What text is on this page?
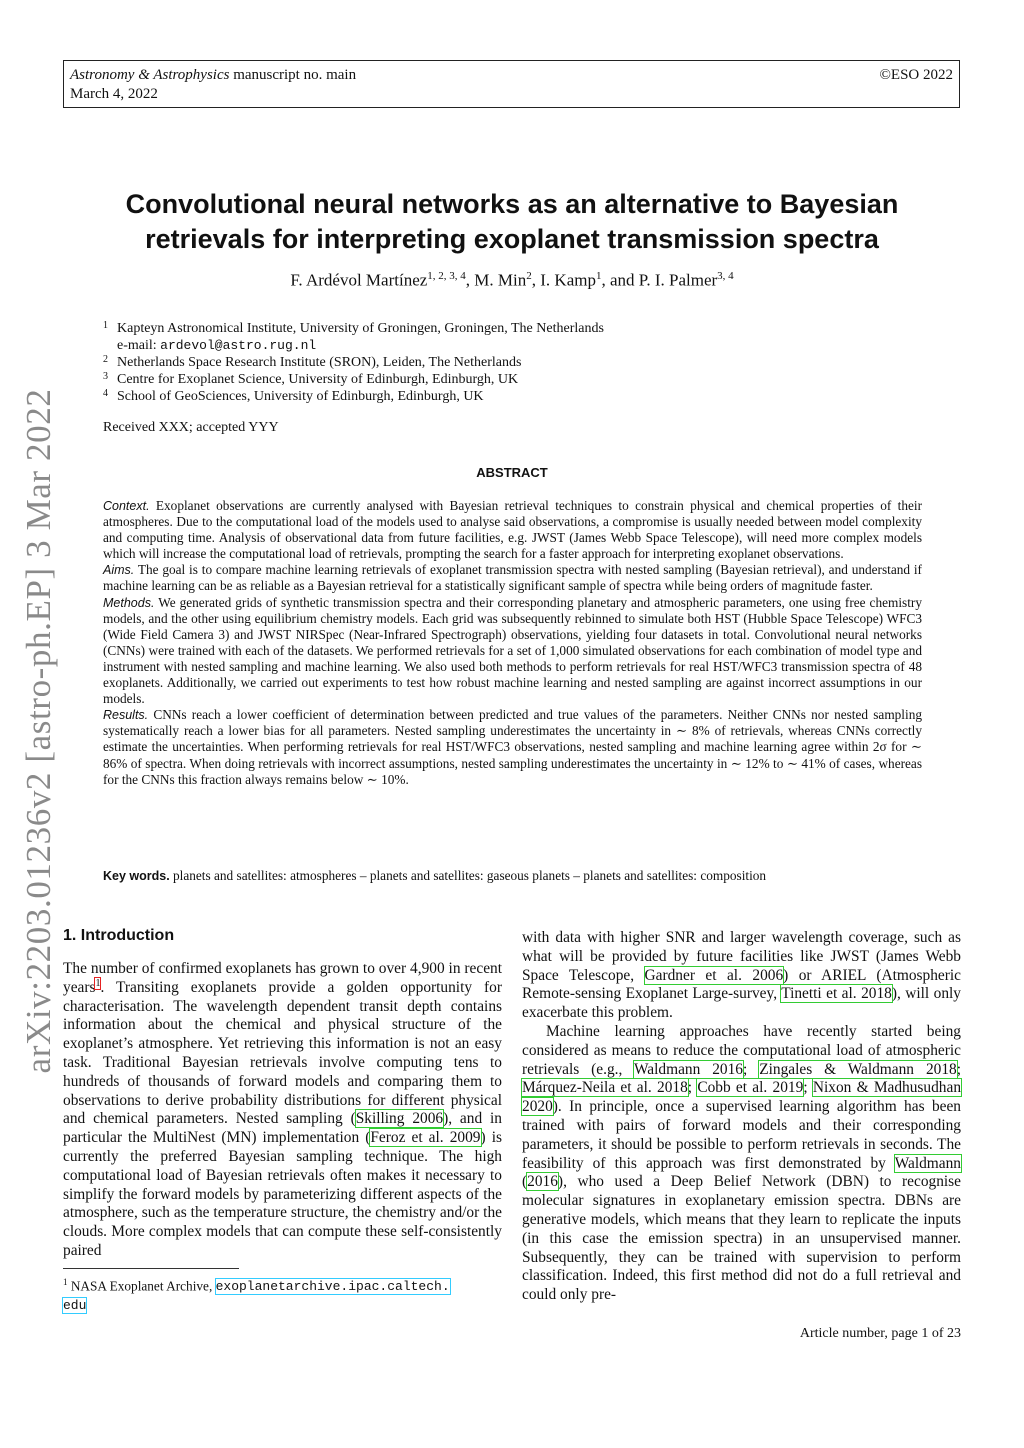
Astronomy & Astrophysics manuscript no. main
March 4, 2022
©ESO 2022
arXiv:2203.01236v2 [astro-ph.EP] 3 Mar 2022
Convolutional neural networks as an alternative to Bayesian retrievals for interpreting exoplanet transmission spectra
F. Ardévol Martínez$^{1, 2, 3, 4}$, M. Min$^2$, I. Kamp$^1$, and P. I. Palmer$^{3, 4}$
1 Kapteyn Astronomical Institute, University of Groningen, Groningen, The Netherlands
e-mail: ardevol@astro.rug.nl
2 Netherlands Space Research Institute (SRON), Leiden, The Netherlands
3 Centre for Exoplanet Science, University of Edinburgh, Edinburgh, UK
4 School of GeoSciences, University of Edinburgh, Edinburgh, UK
Received XXX; accepted YYY
ABSTRACT

Context. Exoplanet observations are currently analysed with Bayesian retrieval techniques to constrain physical and chemical properties of their atmospheres. Due to the computational load of the models used to analyse said observations, a compromise is usually needed between model complexity and computing time. Analysis of observational data from future facilities, e.g. JWST (James Webb Space Telescope), will need more complex models which will increase the computational load of retrievals, prompting the search for a faster approach for interpreting exoplanet observations.

Aims. The goal is to compare machine learning retrievals of exoplanet transmission spectra with nested sampling (Bayesian retrieval), and understand if machine learning can be as reliable as a Bayesian retrieval for a statistically significant sample of spectra while being orders of magnitude faster.

Methods. We generated grids of synthetic transmission spectra and their corresponding planetary and atmospheric parameters, one using free chemistry models, and the other using equilibrium chemistry models. Each grid was subsequently rebinned to simulate both HST (Hubble Space Telescope) WFC3 (Wide Field Camera 3) and JWST NIRSpec (Near-Infrared Spectrograph) observations, yielding four datasets in total. Convolutional neural networks (CNNs) were trained with each of the datasets. We performed retrievals for a set of 1,000 simulated observations for each combination of model type and instrument with nested sampling and machine learning. We also used both methods to perform retrievals for real HST/WFC3 transmission spectra of 48 exoplanets. Additionally, we carried out experiments to test how robust machine learning and nested sampling are against incorrect assumptions in our models.

Results. CNNs reach a lower coefficient of determination between predicted and true values of the parameters. Neither CNNs nor nested sampling systematically reach a lower bias for all parameters. Nested sampling underestimates the uncertainty in ∼ 8% of retrievals, whereas CNNs correctly estimate the uncertainties. When performing retrievals for real HST/WFC3 observations, nested sampling and machine learning agree within 2σ for ∼ 86% of spectra. When doing retrievals with incorrect assumptions, nested sampling underestimates the uncertainty in ∼ 12% to ∼ 41% of cases, whereas for the CNNs this fraction always remains below ∼ 10%.

Key words. planets and satellites: atmospheres – planets and satellites: gaseous planets – planets and satellites: composition
1. Introduction

The number of confirmed exoplanets has grown to over 4,900 in recent years$^1$. Transiting exoplanets provide a golden opportunity for characterisation. The wavelength dependent transit depth contains information about the chemical and physical structure of the exoplanet’s atmosphere. Yet retrieving this information is not an easy task. Traditional Bayesian retrievals involve computing tens to hundreds of thousands of forward models and comparing them to observations to derive probability distributions for different physical and chemical parameters. Nested sampling (Skilling 2006), and in particular the MultiNest (MN) implementation (Feroz et al. 2009) is currently the preferred Bayesian sampling technique. The high computational load of Bayesian retrievals often makes it necessary to simplify the forward models by parameterizing different aspects of the atmosphere, such as the temperature structure, the chemistry and/or the clouds. More complex models that can compute these self-consistently paired

with data with higher SNR and larger wavelength coverage, such as what will be provided by future facilities like JWST (James Webb Space Telescope, Gardner et al. 2006) or ARIEL (Atmospheric Remote-sensing Exoplanet Large-survey, Tinetti et al. 2018), will only exacerbate this problem.

Machine learning approaches have recently started being considered as means to reduce the computational load of atmospheric retrievals (e.g., Waldmann 2016; Zingales & Waldmann 2018; Márquez-Neila et al. 2018; Cobb et al. 2019; Nixon & Madhusudhan 2020). In principle, once a supervised learning algorithm has been trained with pairs of forward models and their corresponding parameters, it should be possible to perform retrievals in seconds. The feasibility of this approach was first demonstrated by Waldmann (2016), who used a Deep Belief Network (DBN) to recognise molecular signatures in exoplanetary emission spectra. DBNs are generative models, which means that they learn to replicate the inputs (in this case the emission spectra) in an unsupervised manner. Subsequently, they can be trained with supervision to perform classification. Indeed, this first method did not do a full retrieval and could only pre-

$^1$ NASA Exoplanet Archive, exoplanetarchive.ipac.caltech.
edu
Article number, page 1 of 23
